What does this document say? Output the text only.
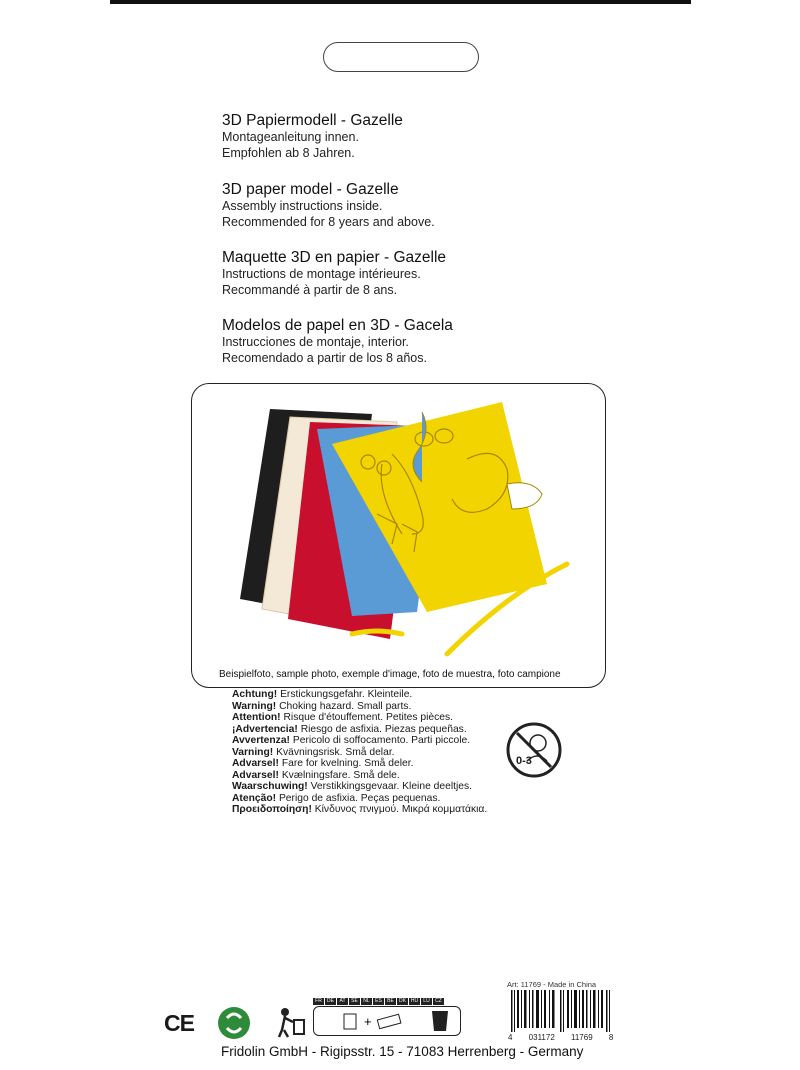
3D Papiermodell - Gazelle
Montageanleitung innen.
Empfohlen ab 8 Jahren.
3D paper model - Gazelle
Assembly instructions inside.
Recommended for 8 years and above.
Maquette 3D en papier - Gazelle
Instructions de montage intérieures.
Recommandé à partir de 8 ans.
Modelos de papel en 3D - Gacela
Instrucciones de montaje, interior.
Recomendado a partir de los 8 años.
Beispielfoto, sample photo, exemple d'image, foto de muestra, foto campione
Achtung! Erstickungsgefahr. Kleinteile.
Warning! Choking hazard. Small parts.
Attention! Risque d'étouffement. Petites pièces.
¡Advertencia! Riesgo de asfixia. Piezas pequeñas.
Avvertenza! Pericolo di soffocamento. Parti piccole.
Varning! Kvävningsrisk. Små delar.
Advarsel! Fare for kvelning. Små deler.
Advarsel! Kvælningsfare. Små dele.
Waarschuwing! Verstikkingsgevaar. Kleine deeltjes.
Atenção! Perigo de asfixia. Peças pequenas.
Προειδοποίηση! Κίνδυνος πνιγμού. Μικρά κομματάκια.
0-3
CE
FR	DE	AT	SE	NL	ES	BE	DK HU	LU	CZ
+
Art: 11769 - Made in China
4 031172 11769 8
Fridolin GmbH - Rigipsstr. 15 - 71083 Herrenberg - Germany
